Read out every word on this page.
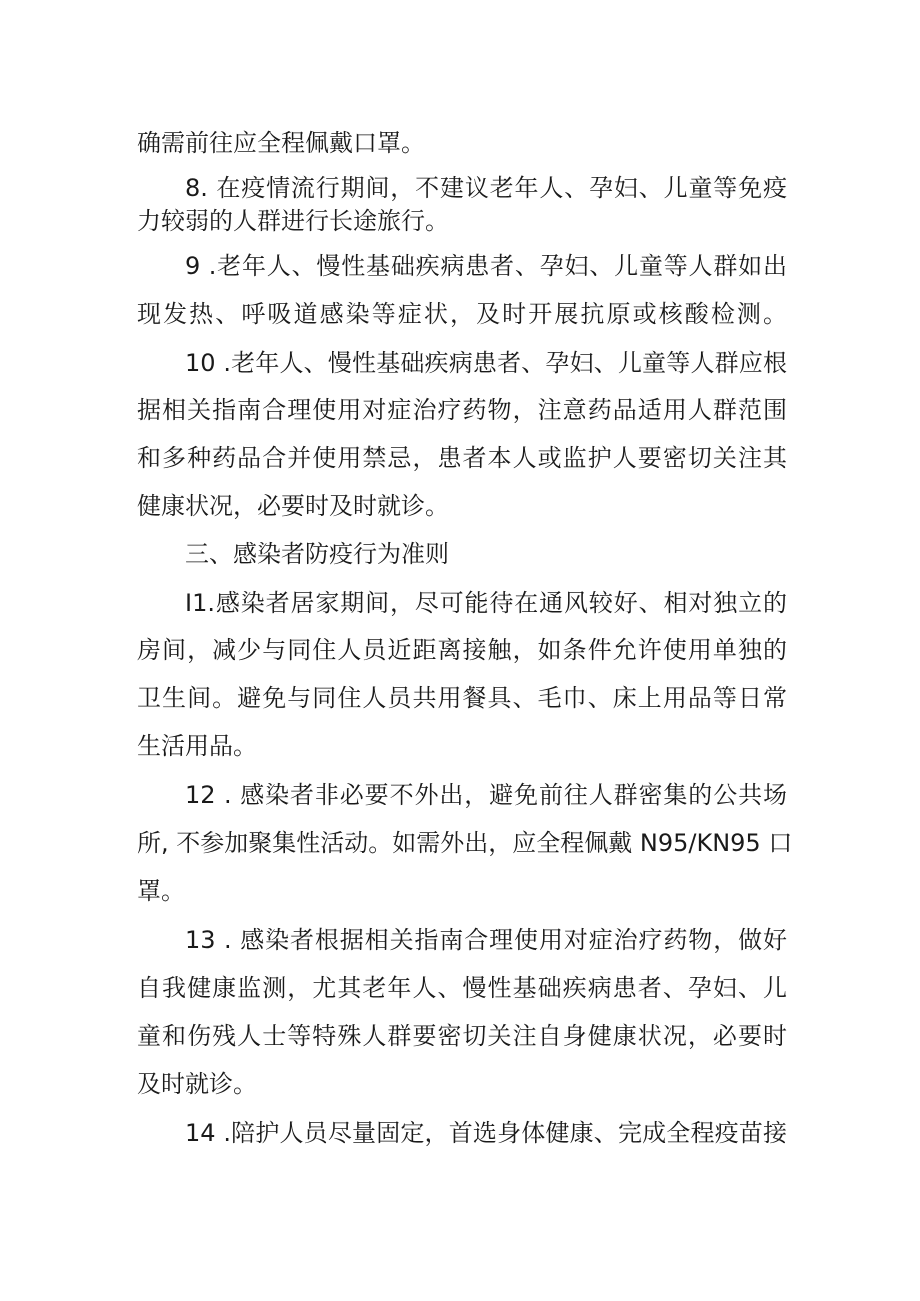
确需前往应全程佩戴口罩。
8. 在疫情流行期间，不建议老年人、孕妇、儿童等免疫
力较弱的人群进行长途旅行。
9 .老年人、慢性基础疾病患者、孕妇、儿童等人群如出
现发热、呼吸道感染等症状，及时开展抗原或核酸检测。
10 .老年人、慢性基础疾病患者、孕妇、儿童等人群应根
据相关指南合理使用对症治疗药物，注意药品适用人群范围
和多种药品合并使用禁忌，患者本人或监护人要密切关注其
健康状况，必要时及时就诊。
三、感染者防疫行为准则
I1.感染者居家期间，尽可能待在通风较好、相对独立的
房间，减少与同住人员近距离接触，如条件允许使用单独的
卫生间。避免与同住人员共用餐具、毛巾、床上用品等日常
生活用品。
12 . 感染者非必要不外出，避免前往人群密集的公共场
所, 不参加聚集性活动。如需外出，应全程佩戴 N95/KN95 口
罩。
13 . 感染者根据相关指南合理使用对症治疗药物，做好
自我健康监测，尤其老年人、慢性基础疾病患者、孕妇、儿
童和伤残人士等特殊人群要密切关注自身健康状况，必要时
及时就诊。
14 .陪护人员尽量固定，首选身体健康、完成全程疫苗接
